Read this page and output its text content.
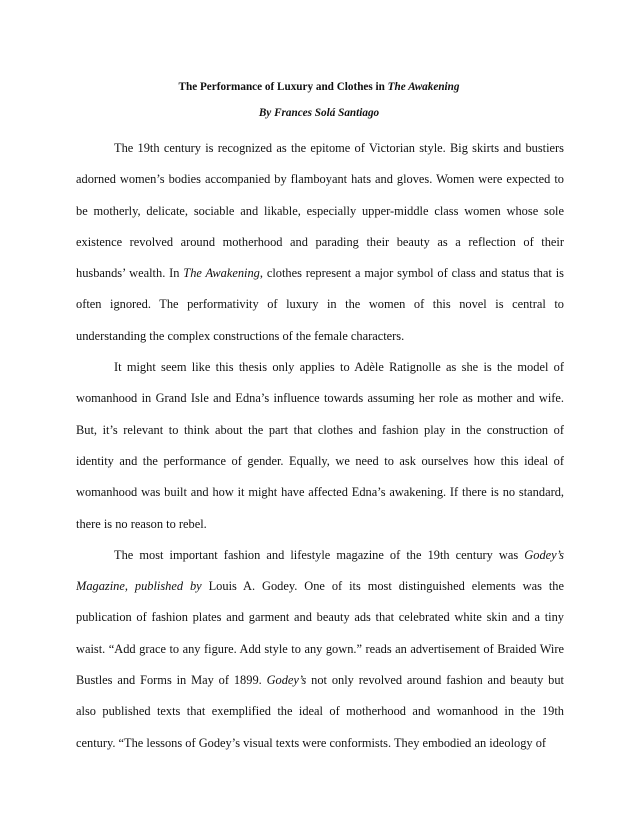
The Performance of Luxury and Clothes in The Awakening
By Frances Solá Santiago
The 19th century is recognized as the epitome of Victorian style. Big skirts and bustiers
adorned women’s bodies accompanied by flamboyant hats and gloves. Women were expected to
be motherly, delicate, sociable and likable, especially upper-middle class women whose sole
existence revolved around motherhood and parading their beauty as a reflection of their
husbands’ wealth. In The Awakening, clothes represent a major symbol of class and status that is
often ignored. The performativity of luxury in the women of this novel is central to
understanding the complex constructions of the female characters.
It might seem like this thesis only applies to Adèle Ratignolle as she is the model of
womanhood in Grand Isle and Edna’s influence towards assuming her role as mother and wife.
But, it’s relevant to think about the part that clothes and fashion play in the construction of
identity and the performance of gender. Equally, we need to ask ourselves how this ideal of
womanhood was built and how it might have affected Edna’s awakening. If there is no standard,
there is no reason to rebel.
The most important fashion and lifestyle magazine of the 19th century was Godey’s
Magazine, published by Louis A. Godey. One of its most distinguished elements was the
publication of fashion plates and garment and beauty ads that celebrated white skin and a tiny
waist. “Add grace to any figure. Add style to any gown.” reads an advertisement of Braided Wire
Bustles and Forms in May of 1899. Godey’s not only revolved around fashion and beauty but
also published texts that exemplified the ideal of motherhood and womanhood in the 19th
century. “The lessons of Godey’s visual texts were conformists. They embodied an ideology of
